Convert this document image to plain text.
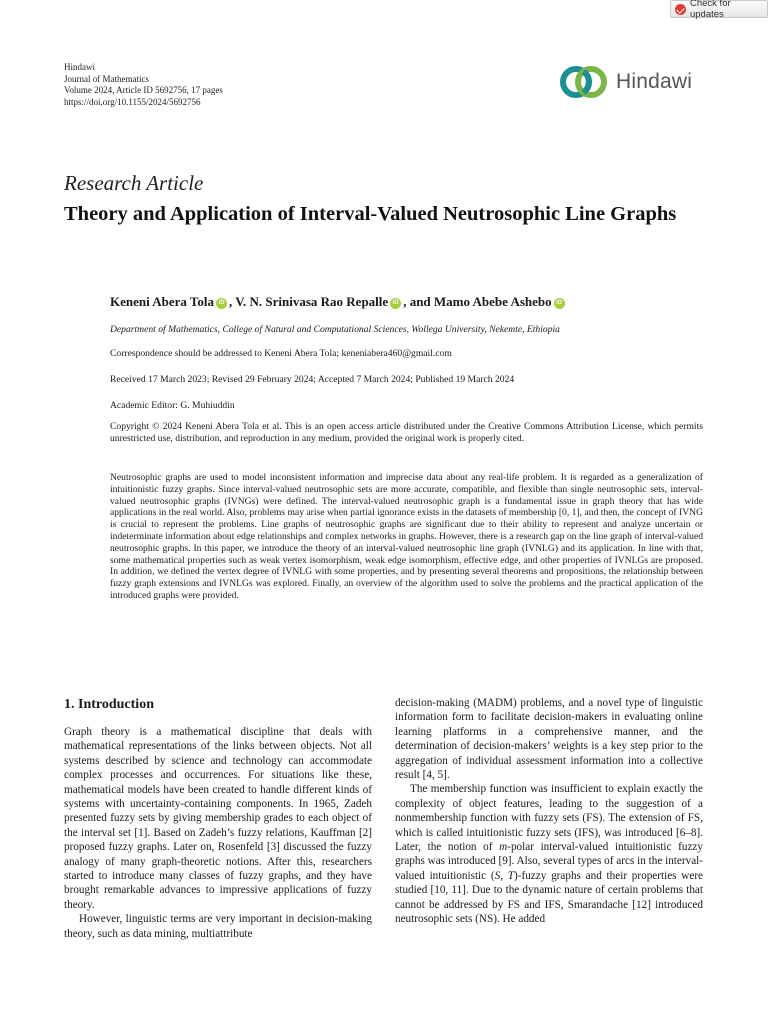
Check for updates
Hindawi
Journal of Mathematics
Volume 2024, Article ID 5692756, 17 pages
https://doi.org/10.1155/2024/5692756
Hindawi
Research Article
Theory and Application of Interval-Valued Neutrosophic Line Graphs
Keneni Abera Tola iD , V. N. Srinivasa Rao Repalle iD , and Mamo Abebe Ashebo iD
Department of Mathematics, College of Natural and Computational Sciences, Wollega University, Nekemte, Ethiopia
Correspondence should be addressed to Keneni Abera Tola; keneniabera460@gmail.com
Received 17 March 2023; Revised 29 February 2024; Accepted 7 March 2024; Published 19 March 2024
Academic Editor: G. Muhiuddin
Copyright © 2024 Keneni Abera Tola et al. This is an open access article distributed under the Creative Commons Attribution License, which permits unrestricted use, distribution, and reproduction in any medium, provided the original work is properly cited.
Neutrosophic graphs are used to model inconsistent information and imprecise data about any real-life problem. It is regarded as a generalization of intuitionistic fuzzy graphs. Since interval-valued neutrosophic sets are more accurate, compatible, and flexible than single neutrosophic sets, interval-valued neutrosophic graphs (IVNGs) were defined. The interval-valued neutrosophic graph is a fundamental issue in graph theory that has wide applications in the real world. Also, problems may arise when partial ignorance exists in the datasets of membership [0, 1], and then, the concept of IVNG is crucial to represent the problems. Line graphs of neutrosophic graphs are significant due to their ability to represent and analyze uncertain or indeterminate information about edge relationships and complex networks in graphs. However, there is a research gap on the line graph of interval-valued neutrosophic graphs. In this paper, we introduce the theory of an interval-valued neutrosophic line graph (IVNLG) and its application. In line with that, some mathematical properties such as weak vertex isomorphism, weak edge isomorphism, effective edge, and other properties of IVNLGs are proposed. In addition, we defined the vertex degree of IVNLG with some properties, and by presenting several theorems and propositions, the relationship between fuzzy graph extensions and IVNLGs was explored. Finally, an overview of the algorithm used to solve the problems and the practical application of the introduced graphs were provided.
1. Introduction

Graph theory is a mathematical discipline that deals with mathematical representations of the links between objects. Not all systems described by science and technology can accommodate complex processes and occurrences. For situations like these, mathematical models have been created to handle different kinds of systems with uncertainty-containing components. In 1965, Zadeh presented fuzzy sets by giving membership grades to each object of the interval set [1]. Based on Zadeh’s fuzzy relations, Kauffman [2] proposed fuzzy graphs. Later on, Rosenfeld [3] discussed the fuzzy analogy of many graph-theoretic notions. After this, researchers started to introduce many classes of fuzzy graphs, and they have brought remarkable advances to impressive applications of fuzzy theory.

However, linguistic terms are very important in decision-making theory, such as data mining, multiattribute

decision-making (MADM) problems, and a novel type of linguistic information form to facilitate decision-makers in evaluating online learning platforms in a comprehensive manner, and the determination of decision-makers’ weights is a key step prior to the aggregation of individual assessment information into a collective result [4, 5].

The membership function was insufficient to explain exactly the complexity of object features, leading to the suggestion of a nonmembership function with fuzzy sets (FS). The extension of FS, which is called intuitionistic fuzzy sets (IFS), was introduced [6–8]. Later, the notion of m-polar interval-valued intuitionistic fuzzy graphs was introduced [9]. Also, several types of arcs in the interval-valued intuitionistic (S, T)-fuzzy graphs and their properties were studied [10, 11]. Due to the dynamic nature of certain problems that cannot be addressed by FS and IFS, Smarandache [12] introduced neutrosophic sets (NS). He added
